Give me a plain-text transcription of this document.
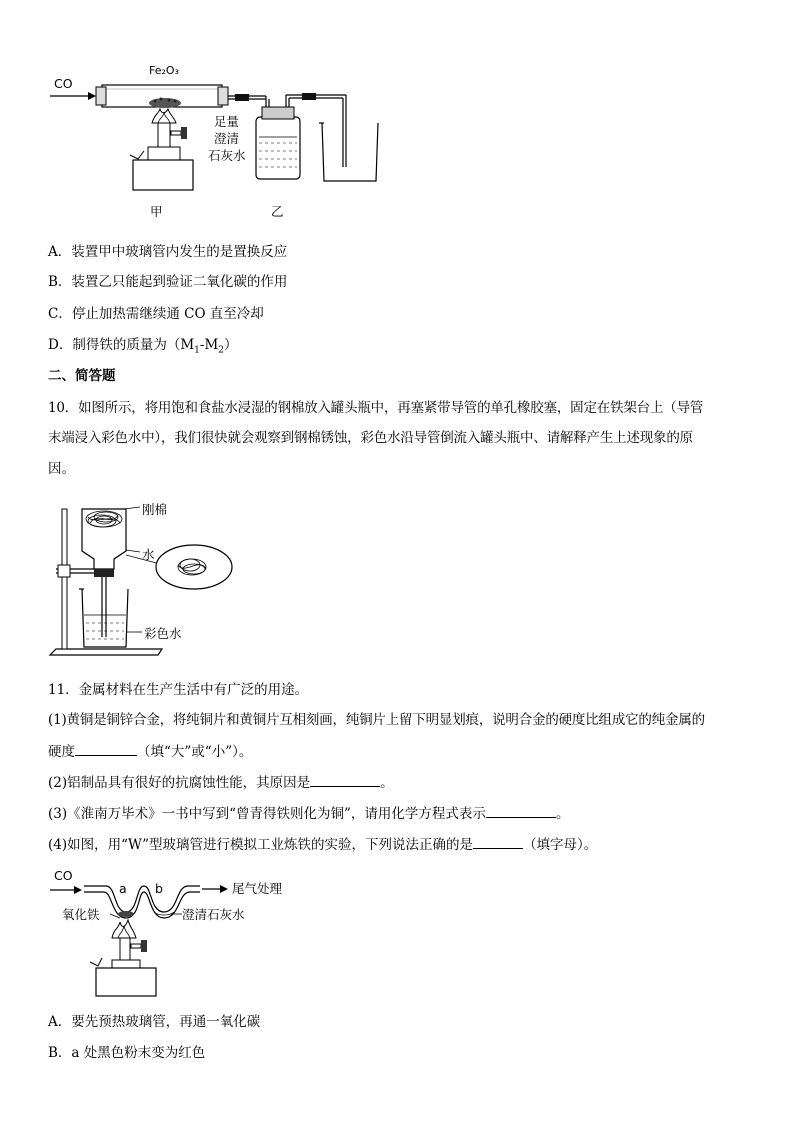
CO
Fe₂O₃
足量
澄清
石灰水
甲	乙
A．装置甲中玻璃管内发生的是置换反应
B．装置乙只能起到验证二氧化碳的作用
C．停止加热需继续通 CO 直至冷却
D．制得铁的质量为$(M_1-M_2)$
二、简答题
10．如图所示，将用饱和食盐水浸湿的钢棉放入罐头瓶中，再塞紧带导管的单孔橡胶塞，固定在铁架台上（导管
末端浸入彩色水中），我们很快就会观察到钢棉锈蚀，彩色水沿导管倒流入罐头瓶中、请解释产生上述现象的原
因。
刚棉
水
彩色水
11．金属材料在生产生活中有广泛的用途。
(1)黄铜是铜锌合金，将纯铜片和黄铜片互相刻画，纯铜片上留下明显划痕，说明合金的硬度比组成它的纯金属的
硬度	（填“大”或“小”）。
(2)铝制品具有很好的抗腐蚀性能，其原因是	。
(3)《淮南万毕术》一书中写到“曾青得铁则化为铜”，请用化学方程式表示	。
(4)如图，用“W”型玻璃管进行模拟工业炼铁的实验，下列说法正确的是	（填字母）。
CO
a b	尾气处理
氧化铁	澄清石灰水
A．要先预热玻璃管，再通一氧化碳
B．a 处黑色粉末变为红色
